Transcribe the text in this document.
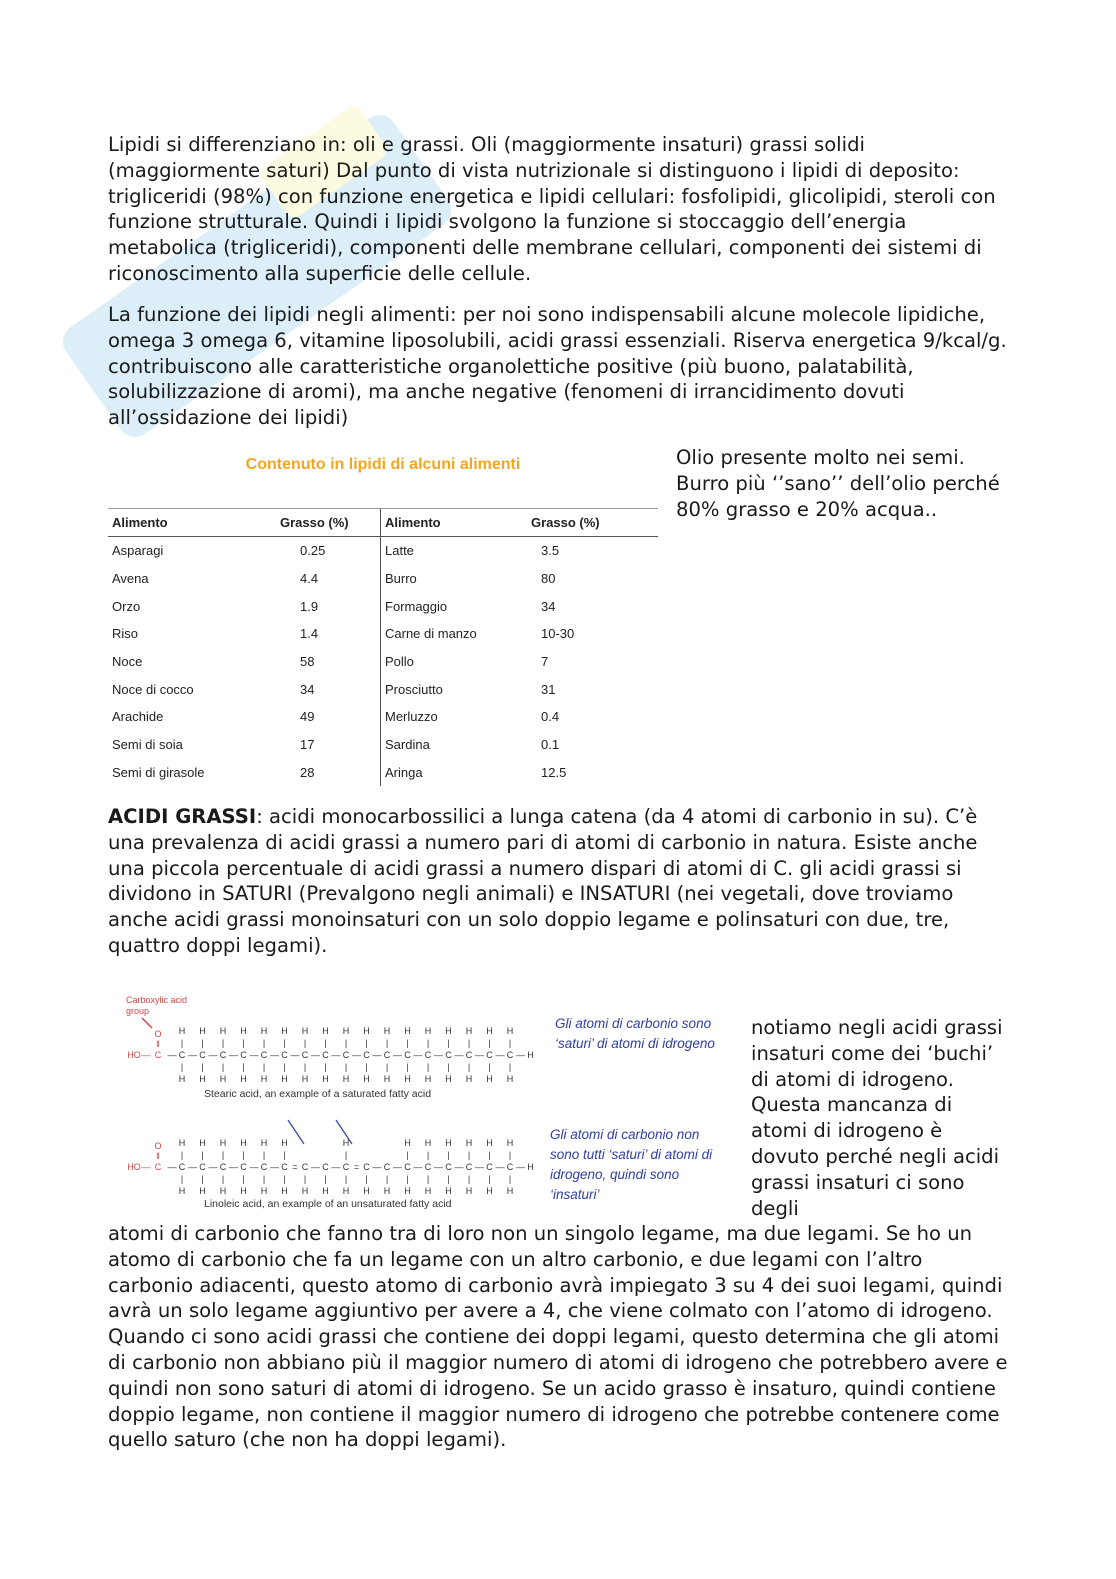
Lipidi si differenziano in: oli e grassi. Oli (maggiormente insaturi) grassi solidi (maggiormente saturi) Dal punto di vista nutrizionale si distinguono i lipidi di deposito: trigliceridi (98%) con funzione energetica e lipidi cellulari: fosfolipidi, glicolipidi, steroli con funzione strutturale. Quindi i lipidi svolgono la funzione si stoccaggio dell’energia metabolica (trigliceridi), componenti delle membrane cellulari, componenti dei sistemi di riconoscimento alla superficie delle cellule.

La funzione dei lipidi negli alimenti: per noi sono indispensabili alcune molecole lipidiche, omega 3 omega 6, vitamine liposolubili, acidi grassi essenziali. Riserva energetica 9/kcal/g. contribuiscono alle caratteristiche organolettiche positive (più buono, palatabilità, solubilizzazione di aromi), ma anche negative (fenomeni di irrancidimento dovuti all’ossidazione dei lipidi)

Contenuto in lipidi di alcuni alimenti
Alimento	Grasso (%)	Alimento	Grasso (%)
Asparagi	0.25	Latte	3.5
Avena	4.4	Burro	80
Orzo	1.9	Formaggio	34
Riso	1.4	Carne di manzo	10-30
Noce	58	Pollo	7
Noce di cocco	34	Prosciutto	31
Arachide	49	Merluzzo	0.4
Semi di soia	17	Sardina	0.1
Semi di girasole	28	Aringa	12.5

Olio presente molto nei semi. Burro più ‘’sano’’ dell’olio perché 80% grasso e 20% acqua..

ACIDI GRASSI: acidi monocarbossilici a lunga catena (da 4 atomi di carbonio in su). C’è una prevalenza di acidi grassi a numero pari di atomi di carbonio in natura. Esiste anche una piccola percentuale di acidi grassi a numero dispari di atomi di C. gli acidi grassi si dividono in SATURI (Prevalgono negli animali) e INSATURI (nei vegetali, dove troviamo anche acidi grassi monoinsaturi con un solo doppio legame e polinsaturi con due, tre, quattro doppi legami).

Carboxylic acid group
HO — C
O
‖
— C
H
|
|
H
— C
H
|
|
H
— C
H
|
|
H
— C
H
|
|
H
— C
H
|
|
H
— C
H
|
|
H
— C
H
|
|
H
— C
H
|
|
H
— C
H
|
|
H
— C
H
|
|
H
— C
H
|
|
H
— C
H
|
|
H
— C
H
|
|
H
— C
H
|
|
H
— C
H
|
|
H
— C
H
|
|
H
— C
H
|
|
H
— H
HO — C
O
‖
— C
H
|
|
H
— C
H
|
|
H
— C
H
|
|
H
— C
H
|
|
H
— C
H
|
|
H
— C
H
|
|
H
= C
|
H
— C
|
H
— C
H
|
|
H
= C
|
H
— C
|
H
— C
H
|
|
H
— C
H
|
|
H
— C
H
|
|
H
— C
H
|
|
H
— C
H
|
|
H
— C
H
|
|
H
— H
Stearic acid, an example of a saturated fatty acid
Linoleic acid, an example of an unsaturated fatty acid
Gli atomi di carbonio sono ‘saturi’ di atomi di idrogeno
Gli atomi di carbonio non sono tutti ‘saturi’ di atomi di idrogeno, quindi sono ‘insaturi’

notiamo negli acidi grassi insaturi come dei ‘buchi’ di atomi di idrogeno. Questa mancanza di atomi di idrogeno è dovuto perché negli acidi grassi insaturi ci sono degli

atomi di carbonio che fanno tra di loro non un singolo legame, ma due legami. Se ho un atomo di carbonio che fa un legame con un altro carbonio, e due legami con l’altro carbonio adiacenti, questo atomo di carbonio avrà impiegato 3 su 4 dei suoi legami, quindi avrà un solo legame aggiuntivo per avere a 4, che viene colmato con l’atomo di idrogeno. Quando ci sono acidi grassi che contiene dei doppi legami, questo determina che gli atomi di carbonio non abbiano più il maggior numero di atomi di idrogeno che potrebbero avere e quindi non sono saturi di atomi di idrogeno. Se un acido grasso è insaturo, quindi contiene doppio legame, non contiene il maggior numero di idrogeno che potrebbe contenere come quello saturo (che non ha doppi legami).
